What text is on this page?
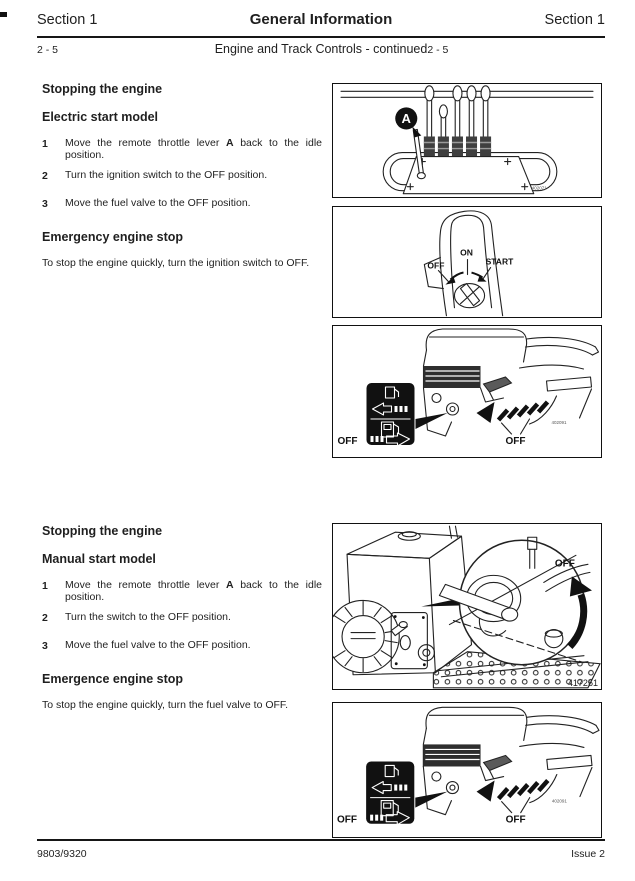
Section 1	General Information	Section 1
2 - 5	Engine and Track Controls - continued 2 - 5
Stopping the engine
Electric start model
1	Move the remote throttle lever A back to the idle position.
2	Turn the ignition switch to the OFF position.
3	Move the fuel valve to the OFF position.
Emergency engine stop

To stop the engine quickly, turn the ignition switch to OFF.

Stopping the engine
Manual start model
1	Move the remote throttle lever A back to the idle position.
2	Turn the switch to the OFF position.
3	Move the fuel valve to the OFF position.
Emergence engine stop

To stop the engine quickly, turn the fuel valve to OFF.

A
402071
OFF
ON
START
OFF	OFF
402091
OFF
417251
OFF	OFF
402091
9803/9320	Issue 2
